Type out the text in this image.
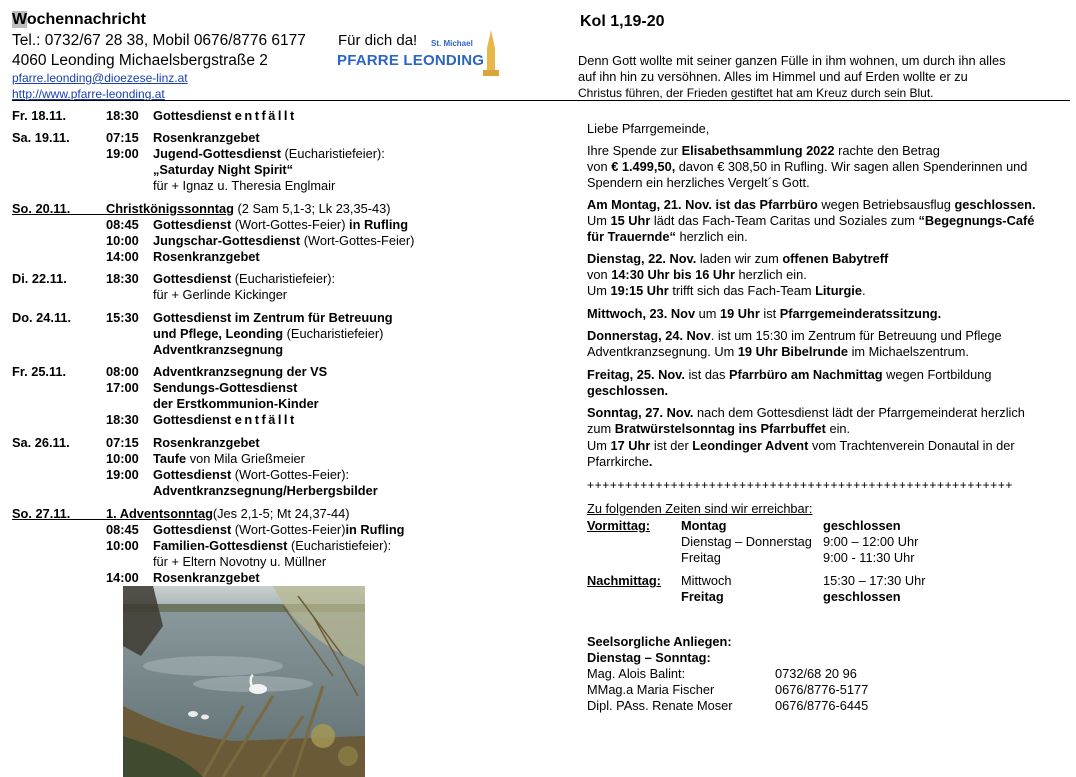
Wochennachricht
Tel.: 0732/67 28 38, Mobil 0676/8776 6177
4060 Leonding Michaelsbergstraße 2
pfarre.leonding@dioezese-linz.at
http://www.pfarre-leonding.at
Für dich da! St. Michael
PFARRE LEONDING
Kol 1,19-20
Denn Gott wollte mit seiner ganzen Fülle in ihm wohnen, um durch ihn alles
auf ihn hin zu versöhnen. Alles im Himmel und auf Erden wollte er zu
Christus führen, der Frieden gestiftet hat am Kreuz durch sein Blut.
Fr. 18.11.	18:30 Gottesdienst entfällt
Sa. 19.11.	07:15 Rosenkranzgebet
19:00 Jugend-Gottesdienst (Eucharistiefeier):
„Saturday Night Spirit“
für + Ignaz u. Theresia Englmair
So. 20.11.	Christkönigssonntag (2 Sam 5,1-3; Lk 23,35-43)
08:45 Gottesdienst (Wort-Gottes-Feier) in Rufling
10:00 Jungschar-Gottesdienst (Wort-Gottes-Feier)
14:00 Rosenkranzgebet
Di. 22.11.	18:30 Gottesdienst (Eucharistiefeier):
für + Gerlinde Kickinger
Do. 24.11.	15:30 Gottesdienst im Zentrum für Betreuung
und Pflege, Leonding (Eucharistiefeier)
Adventkranzsegnung
Fr. 25.11.	08:00 Adventkranzsegnung der VS
17:00 Sendungs-Gottesdienst
der Erstkommunion-Kinder
18:30 Gottesdienst entfällt
Sa. 26.11.	07:15 Rosenkranzgebet
10:00 Taufe von Mila Grießmeier
19:00 Gottesdienst (Wort-Gottes-Feier):
Adventkranzsegnung/Herbergsbilder
So. 27.11.	1. Adventsonntag(Jes 2,1-5; Mt 24,37-44)
08:45 Gottesdienst (Wort-Gottes-Feier)in Rufling
10:00 Familien-Gottesdienst (Eucharistiefeier):
für + Eltern Novotny u. Müllner
14:00 Rosenkranzgebet
Liebe Pfarrgemeinde,
Ihre Spende zur Elisabethsammlung 2022 rachte den Betrag
von € 1.499,50, davon € 308,50 in Rufling. Wir sagen allen Spenderinnen und
Spendern ein herzliches Vergelt´s Gott.
Am Montag, 21. Nov. ist das Pfarrbüro wegen Betriebsausflug geschlossen.
Um 15 Uhr lädt das Fach-Team Caritas und Soziales zum “Begegnungs-Café
für Trauernde“ herzlich ein.
Dienstag, 22. Nov. laden wir zum offenen Babytreff
von 14:30 Uhr bis 16 Uhr herzlich ein.
Um 19:15 Uhr trifft sich das Fach-Team Liturgie.
Mittwoch, 23. Nov um 19 Uhr ist Pfarrgemeinderatssitzung.
Donnerstag, 24. Nov. ist um 15:30 im Zentrum für Betreuung und Pflege
Adventkranzsegnung. Um 19 Uhr Bibelrunde im Michaelszentrum.
Freitag, 25. Nov. ist das Pfarrbüro am Nachmittag wegen Fortbildung
geschlossen.
Sonntag, 27. Nov. nach dem Gottesdienst lädt der Pfarrgemeinderat herzlich
zum Bratwürstelsonntag ins Pfarrbuffet ein.
Um 17 Uhr ist der Leondinger Advent vom Trachtenverein Donautal in der
Pfarrkirche.
++++++++++++++++++++++++++++++++++++++++++++++++++++++++
Zu folgenden Zeiten sind wir erreichbar:
Vormittag: Montag	geschlossen
Dienstag – Donnerstag 9:00 – 12:00 Uhr
Freitag	9:00 - 11:30 Uhr
Nachmittag: Mittwoch	15:30 – 17:30 Uhr
Freitag	geschlossen
Seelsorgliche Anliegen:
Dienstag – Sonntag:
Mag. Alois Balint:	0732/68 20 96
MMag.a Maria Fischer	0676/8776-5177
Dipl. PAss. Renate Moser	0676/8776-6445
